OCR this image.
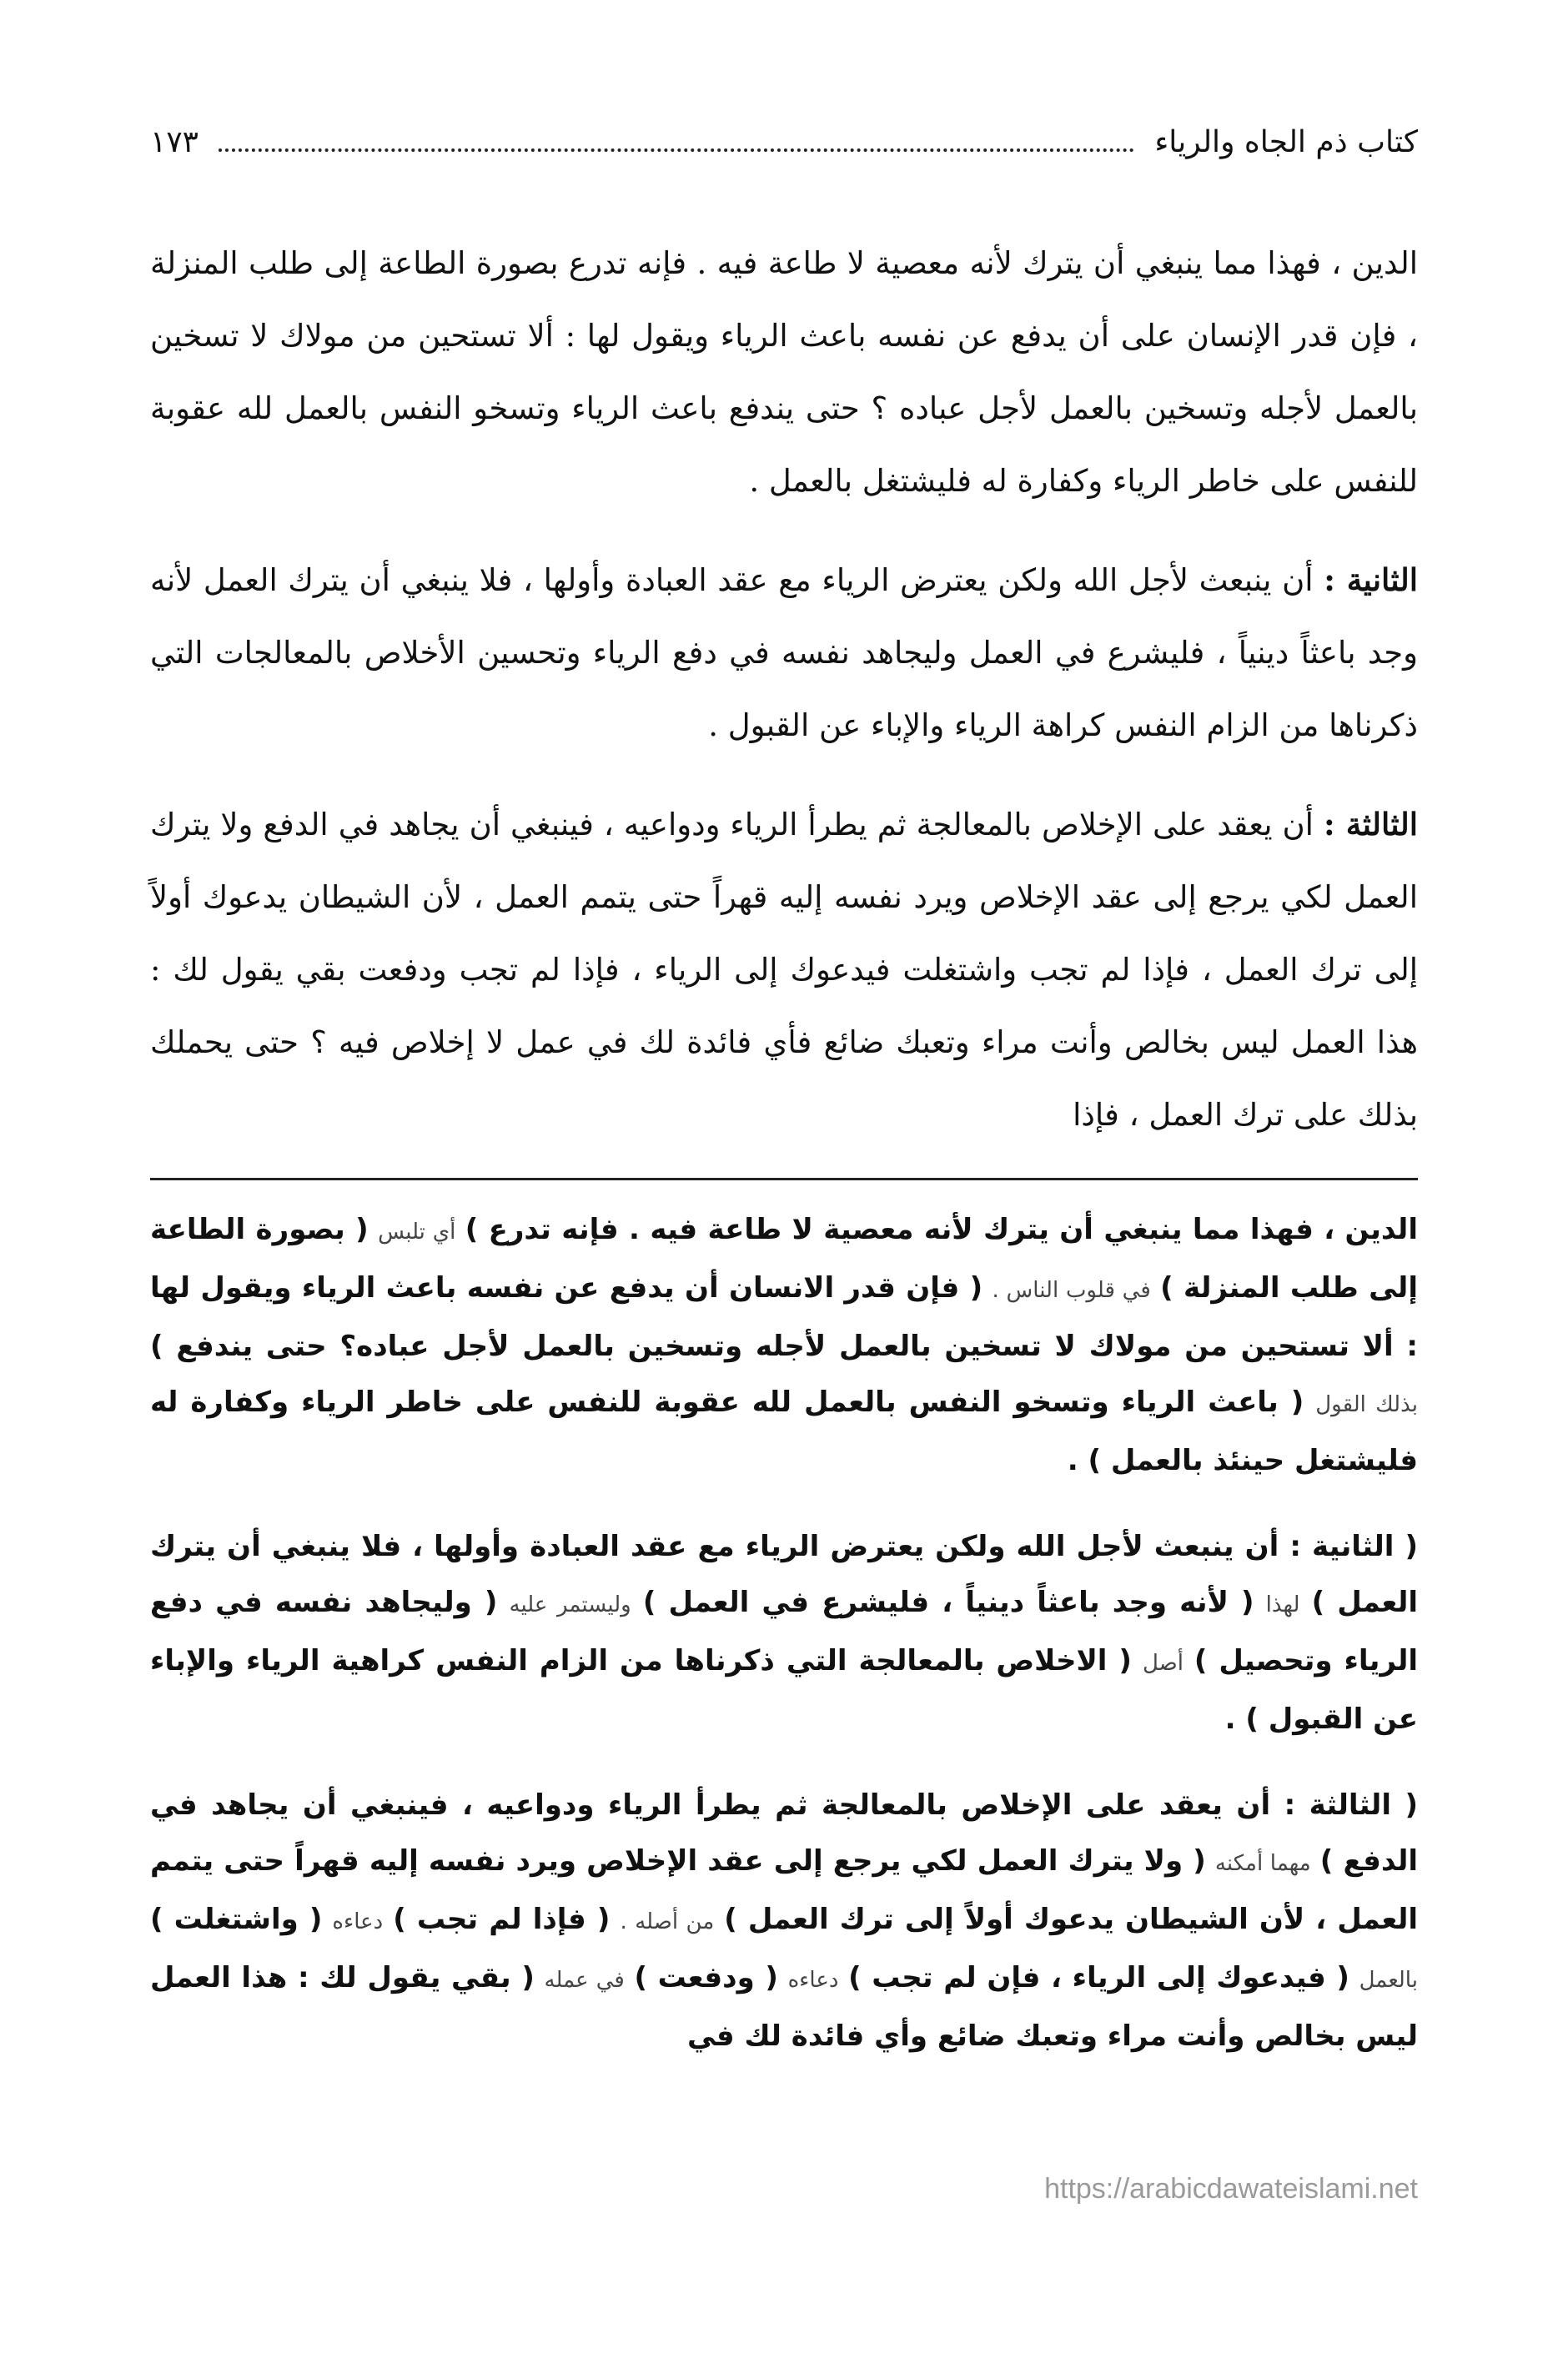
كتاب ذم الجاه والرياء
١٧٣

الدين ، فهذا مما ينبغي أن يترك لأنه معصية لا طاعة فيه . فإنه تدرع بصورة الطاعة إلى طلب المنزلة ، فإن قدر الإنسان على أن يدفع عن نفسه باعث الرياء ويقول لها : ألا تستحين من مولاك لا تسخين بالعمل لأجله وتسخين بالعمل لأجل عباده ؟ حتى يندفع باعث الرياء وتسخو النفس بالعمل لله عقوبة للنفس على خاطر الرياء وكفارة له فليشتغل بالعمل .

الثانية : أن ينبعث لأجل الله ولكن يعترض الرياء مع عقد العبادة وأولها ، فلا ينبغي أن يترك العمل لأنه وجد باعثاً دينياً ، فليشرع في العمل وليجاهد نفسه في دفع الرياء وتحسين الأخلاص بالمعالجات التي ذكرناها من الزام النفس كراهة الرياء والإباء عن القبول .

الثالثة : أن يعقد على الإخلاص بالمعالجة ثم يطرأ الرياء ودواعيه ، فينبغي أن يجاهد في الدفع ولا يترك العمل لكي يرجع إلى عقد الإخلاص ويرد نفسه إليه قهراً حتى يتمم العمل ، لأن الشيطان يدعوك أولاً إلى ترك العمل ، فإذا لم تجب واشتغلت فيدعوك إلى الرياء ، فإذا لم تجب ودفعت بقي يقول لك : هذا العمل ليس بخالص وأنت مراء وتعبك ضائع فأي فائدة لك في عمل لا إخلاص فيه ؟ حتى يحملك بذلك على ترك العمل ، فإذا

الدين ، فهذا مما ينبغي أن يترك لأنه معصية لا طاعة فيه . فإنه تدرع ) أي تلبس ( بصورة الطاعة إلى طلب المنزلة ) في قلوب الناس . ( فإن قدر الانسان أن يدفع عن نفسه باعث الرياء ويقول لها : ألا تستحين من مولاك لا تسخين بالعمل لأجله وتسخين بالعمل لأجل عباده؟ حتى يندفع ) بذلك القول ( باعث الرياء وتسخو النفس بالعمل لله عقوبة للنفس على خاطر الرياء وكفارة له فليشتغل حينئذ بالعمل ) .

( الثانية : أن ينبعث لأجل الله ولكن يعترض الرياء مع عقد العبادة وأولها ، فلا ينبغي أن يترك العمل ) لهذا ( لأنه وجد باعثاً دينياً ، فليشرع في العمل ) وليستمر عليه ( وليجاهد نفسه في دفع الرياء وتحصيل ) أصل ( الاخلاص بالمعالجة التي ذكرناها من الزام النفس كراهية الرياء والإباء عن القبول ) .

( الثالثة : أن يعقد على الإخلاص بالمعالجة ثم يطرأ الرياء ودواعيه ، فينبغي أن يجاهد في الدفع ) مهما أمكنه ( ولا يترك العمل لكي يرجع إلى عقد الإخلاص ويرد نفسه إليه قهراً حتى يتمم العمل ، لأن الشيطان يدعوك أولاً إلى ترك العمل ) من أصله . ( فإذا لم تجب ) دعاءه ( واشتغلت ) بالعمل ( فيدعوك إلى الرياء ، فإن لم تجب ) دعاءه ( ودفعت ) في عمله ( بقي يقول لك : هذا العمل ليس بخالص وأنت مراء وتعبك ضائع وأي فائدة لك في

https://arabicdawateislami.net
